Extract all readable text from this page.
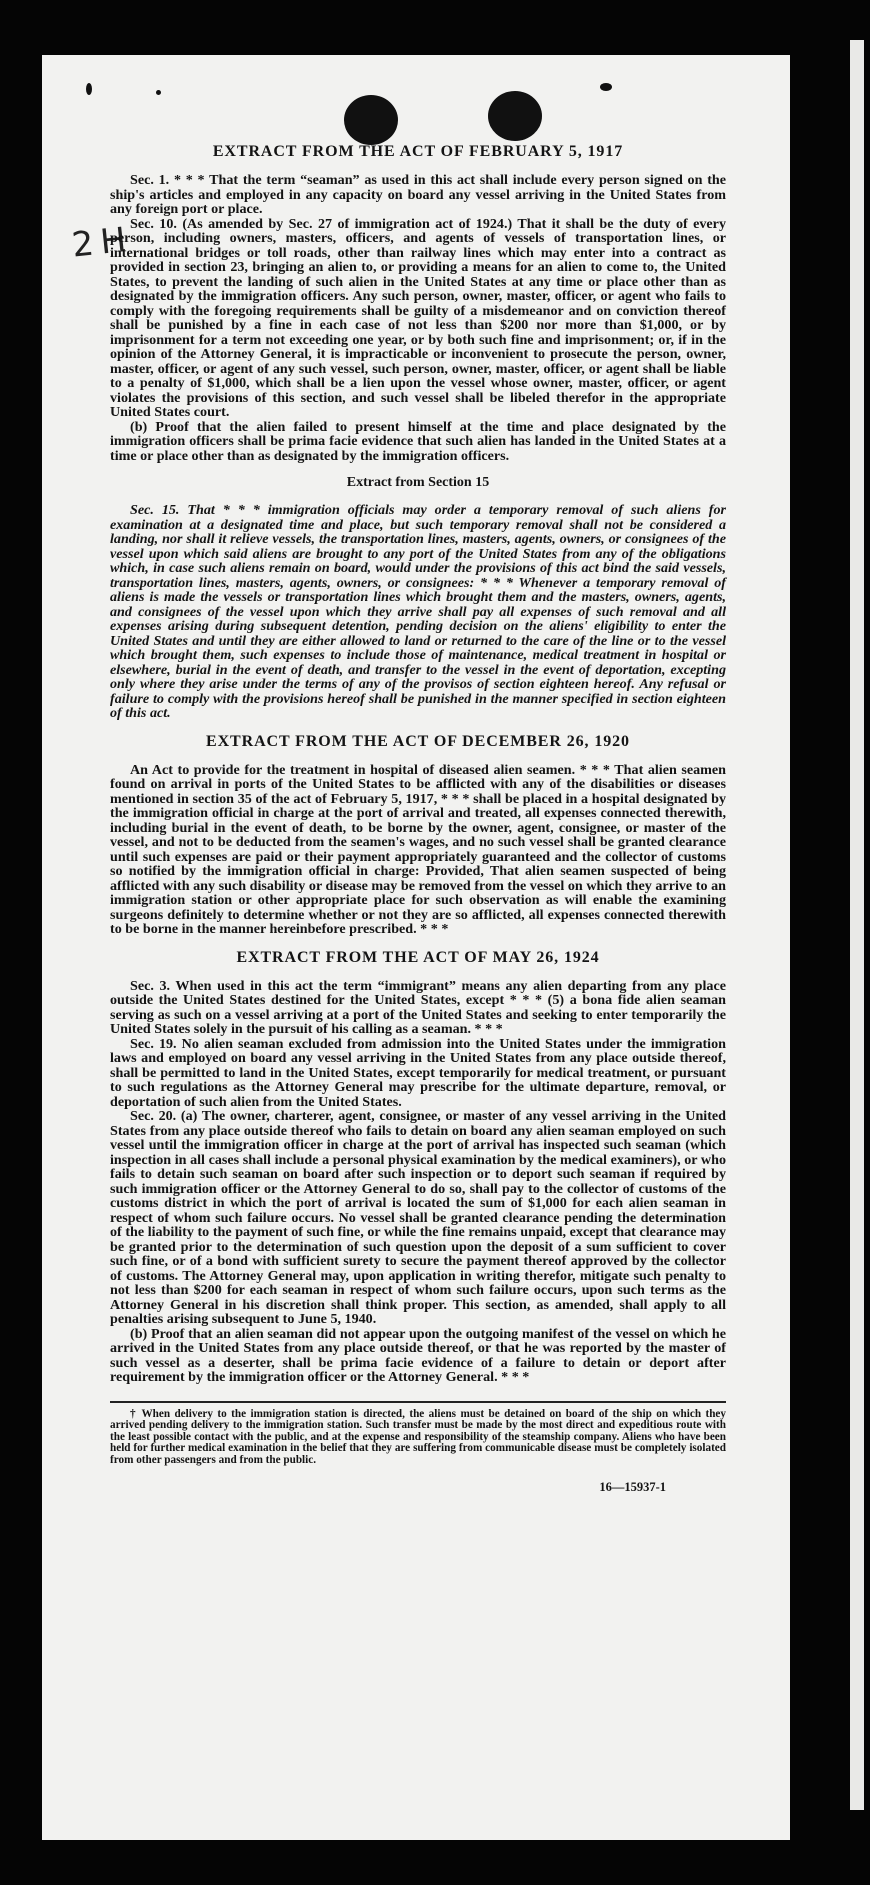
2 H
EXTRACT FROM THE ACT OF FEBRUARY 5, 1917

Sec. 1. * * * That the term “seaman” as used in this act shall include every person signed on the ship's articles and employed in any capacity on board any vessel arriving in the United States from any foreign port or place.

Sec. 10. (As amended by Sec. 27 of immigration act of 1924.) That it shall be the duty of every person, including owners, masters, officers, and agents of vessels of transportation lines, or international bridges or toll roads, other than railway lines which may enter into a contract as provided in section 23, bringing an alien to, or providing a means for an alien to come to, the United States, to prevent the landing of such alien in the United States at any time or place other than as designated by the immigration officers. Any such person, owner, master, officer, or agent who fails to comply with the foregoing requirements shall be guilty of a misdemeanor and on conviction thereof shall be punished by a fine in each case of not less than $200 nor more than $1,000, or by imprisonment for a term not exceeding one year, or by both such fine and imprisonment; or, if in the opinion of the Attorney General, it is impracticable or inconvenient to prosecute the person, owner, master, officer, or agent of any such vessel, such person, owner, master, officer, or agent shall be liable to a penalty of $1,000, which shall be a lien upon the vessel whose owner, master, officer, or agent violates the provisions of this section, and such vessel shall be libeled therefor in the appropriate United States court.

(b) Proof that the alien failed to present himself at the time and place designated by the immigration officers shall be prima facie evidence that such alien has landed in the United States at a time or place other than as designated by the immigration officers.

Extract from Section 15

Sec. 15. That * * * immigration officials may order a temporary removal of such aliens for examination at a designated time and place, but such temporary removal shall not be considered a landing, nor shall it relieve vessels, the transportation lines, masters, agents, owners, or consignees of the vessel upon which said aliens are brought to any port of the United States from any of the obligations which, in case such aliens remain on board, would under the provisions of this act bind the said vessels, transportation lines, masters, agents, owners, or consignees: * * * Whenever a temporary removal of aliens is made the vessels or transportation lines which brought them and the masters, owners, agents, and consignees of the vessel upon which they arrive shall pay all expenses of such removal and all expenses arising during subsequent detention, pending decision on the aliens' eligibility to enter the United States and until they are either allowed to land or returned to the care of the line or to the vessel which brought them, such expenses to include those of maintenance, medical treatment in hospital or elsewhere, burial in the event of death, and transfer to the vessel in the event of deportation, excepting only where they arise under the terms of any of the provisos of section eighteen hereof. Any refusal or failure to comply with the provisions hereof shall be punished in the manner specified in section eighteen of this act.

EXTRACT FROM THE ACT OF DECEMBER 26, 1920

An Act to provide for the treatment in hospital of diseased alien seamen. * * * That alien seamen found on arrival in ports of the United States to be afflicted with any of the disabilities or diseases mentioned in section 35 of the act of February 5, 1917, * * * shall be placed in a hospital designated by the immigration official in charge at the port of arrival and treated, all expenses connected therewith, including burial in the event of death, to be borne by the owner, agent, consignee, or master of the vessel, and not to be deducted from the seamen's wages, and no such vessel shall be granted clearance until such expenses are paid or their payment appropriately guaranteed and the collector of customs so notified by the immigration official in charge: Provided, That alien seamen suspected of being afflicted with any such disability or disease may be removed from the vessel on which they arrive to an immigration station or other appropriate place for such observation as will enable the examining surgeons definitely to determine whether or not they are so afflicted, all expenses connected therewith to be borne in the manner hereinbefore prescribed. * * *

EXTRACT FROM THE ACT OF MAY 26, 1924

Sec. 3. When used in this act the term “immigrant” means any alien departing from any place outside the United States destined for the United States, except * * * (5) a bona fide alien seaman serving as such on a vessel arriving at a port of the United States and seeking to enter temporarily the United States solely in the pursuit of his calling as a seaman. * * *

Sec. 19. No alien seaman excluded from admission into the United States under the immigration laws and employed on board any vessel arriving in the United States from any place outside thereof, shall be permitted to land in the United States, except temporarily for medical treatment, or pursuant to such regulations as the Attorney General may prescribe for the ultimate departure, removal, or deportation of such alien from the United States.

Sec. 20. (a) The owner, charterer, agent, consignee, or master of any vessel arriving in the United States from any place outside thereof who fails to detain on board any alien seaman employed on such vessel until the immigration officer in charge at the port of arrival has inspected such seaman (which inspection in all cases shall include a personal physical examination by the medical examiners), or who fails to detain such seaman on board after such inspection or to deport such seaman if required by such immigration officer or the Attorney General to do so, shall pay to the collector of customs of the customs district in which the port of arrival is located the sum of $1,000 for each alien seaman in respect of whom such failure occurs. No vessel shall be granted clearance pending the determination of the liability to the payment of such fine, or while the fine remains unpaid, except that clearance may be granted prior to the determination of such question upon the deposit of a sum sufficient to cover such fine, or of a bond with sufficient surety to secure the payment thereof approved by the collector of customs. The Attorney General may, upon application in writing therefor, mitigate such penalty to not less than $200 for each seaman in respect of whom such failure occurs, upon such terms as the Attorney General in his discretion shall think proper. This section, as amended, shall apply to all penalties arising subsequent to June 5, 1940.

(b) Proof that an alien seaman did not appear upon the outgoing manifest of the vessel on which he arrived in the United States from any place outside thereof, or that he was reported by the master of such vessel as a deserter, shall be prima facie evidence of a failure to detain or deport after requirement by the immigration officer or the Attorney General. * * *

† When delivery to the immigration station is directed, the aliens must be detained on board of the ship on which they arrived pending delivery to the immigration station. Such transfer must be made by the most direct and expeditious route with the least possible contact with the public, and at the expense and responsibility of the steamship company. Aliens who have been held for further medical examination in the belief that they are suffering from communicable disease must be completely isolated from other passengers and from the public.

16—15937-1
